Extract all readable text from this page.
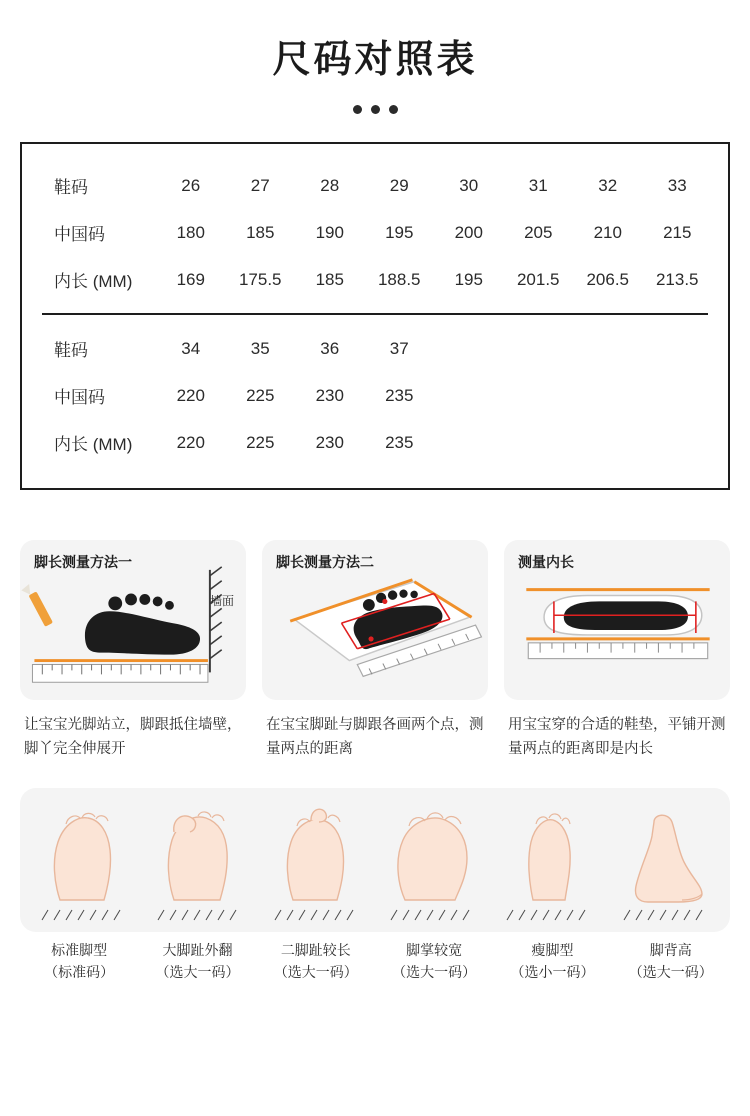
尺码对照表
鞋码	26	27	28	29	30	31	32	33
中国码	180	185	190	195	200	205	210	215
内长 (MM)	169	175.5	185	188.5	195	201.5	206.5	213.5
鞋码	34	35	36	37				
中国码	220	225	230	235				
内长 (MM)	220	225	230	235				
脚长测量方法一
墙面
让宝宝光脚站立，脚跟抵住墙壁，脚丫完全伸展开
脚长测量方法二
在宝宝脚趾与脚跟各画两个点，测量两点的距离
测量内长
用宝宝穿的合适的鞋垫，平铺开测量两点的距离即是内长
标准脚型
（标准码）
大脚趾外翻
（选大一码）
二脚趾较长
（选大一码）
脚掌较宽
（选大一码）
瘦脚型
（选小一码）
脚背高
（选大一码）
